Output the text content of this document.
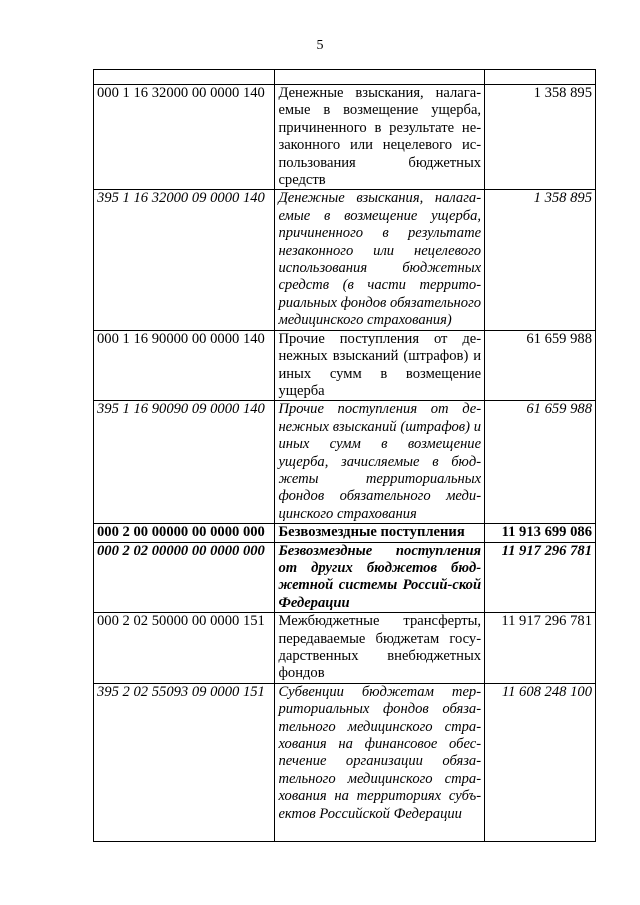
5

000 1 16 32000 00 0000 140	Денежные взыскания, налага-емые в возмещение ущерба, причиненного в результате не-законного или нецелевого ис-пользования бюджетных средств	1 358 895
395 1 16 32000 09 0000 140	Денежные взыскания, налага-емые в возмещение ущерба, причиненного в результате незаконного или нецелевого использования бюджетных средств (в части террито-риальных фондов обязательного медицинского страхования)	1 358 895
000 1 16 90000 00 0000 140	Прочие поступления от де-нежных взысканий (штрафов) и иных сумм в возмещение ущерба	61 659 988
395 1 16 90090 09 0000 140	Прочие поступления от де-нежных взысканий (штрафов) и иных сумм в возмещение ущерба, зачисляемые в бюд-жеты территориальных фондов обязательного меди-цинского страхования	61 659 988
000 2 00 00000 00 0000 000	Безвозмездные поступления	11 913 699 086
000 2 02 00000 00 0000 000	Безвозмездные поступления от других бюджетов бюд-жетной системы Россий-ской Федерации	11 917 296 781
000 2 02 50000 00 0000 151	Межбюджетные трансферты, передаваемые бюджетам госу-дарственных внебюджетных фондов	11 917 296 781
395 2 02 55093 09 0000 151	Субвенции бюджетам тер-риториальных фондов обяза-тельного медицинского стра-хования на финансовое обес-печение организации обяза-тельного медицинского стра-хования на территориях субъ-ектов Российской Федерации	11 608 248 100
